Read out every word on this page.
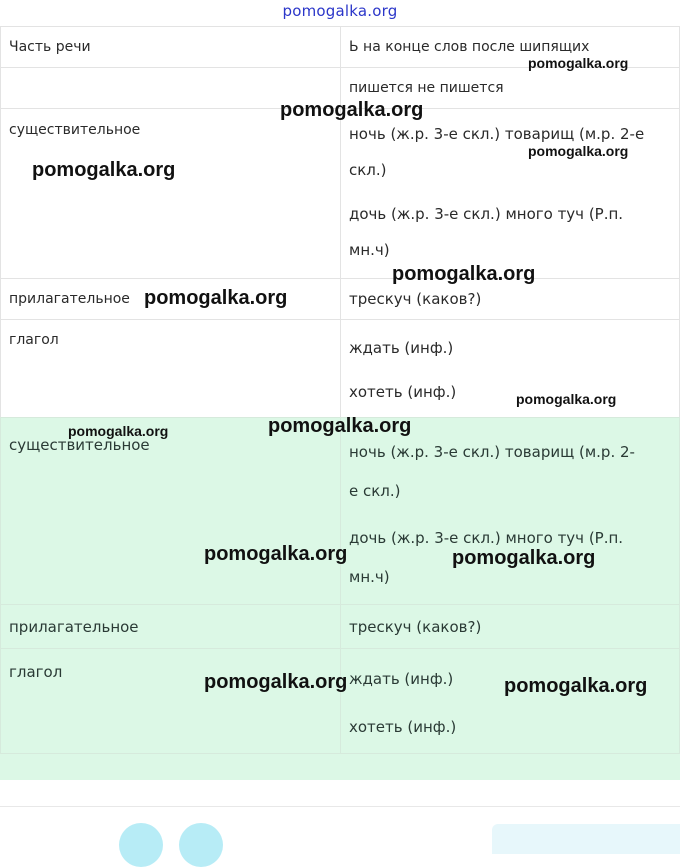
pomogalka.org
Часть речи	Ь на конце слов после шипящих
	пишется не пишется
существительное	ночь (ж.р. 3-е скл.) товарищ (м.р. 2-е
скл.)
дочь (ж.р. 3-е скл.) много туч (Р.п.
мн.ч)

прилагательное	трескуч (каков?)

глагол	ждать (инф.)
хотеть (инф.)
существительное	ночь (ж.р. 3-е скл.) товарищ (м.р. 2-
е скл.)
дочь (ж.р. 3-е скл.) много туч (Р.п.
мн.ч)

прилагательное	трескуч (каков?)

глагол	ждать (инф.)
хотеть (инф.)
pomogalka.org
pomogalka.org
pomogalka.org
pomogalka.org
pomogalka.org
pomogalka.org
pomogalka.org
pomogalka.org	pomogalka.org
pomogalka.org	pomogalka.org
pomogalka.org	pomogalka.org
